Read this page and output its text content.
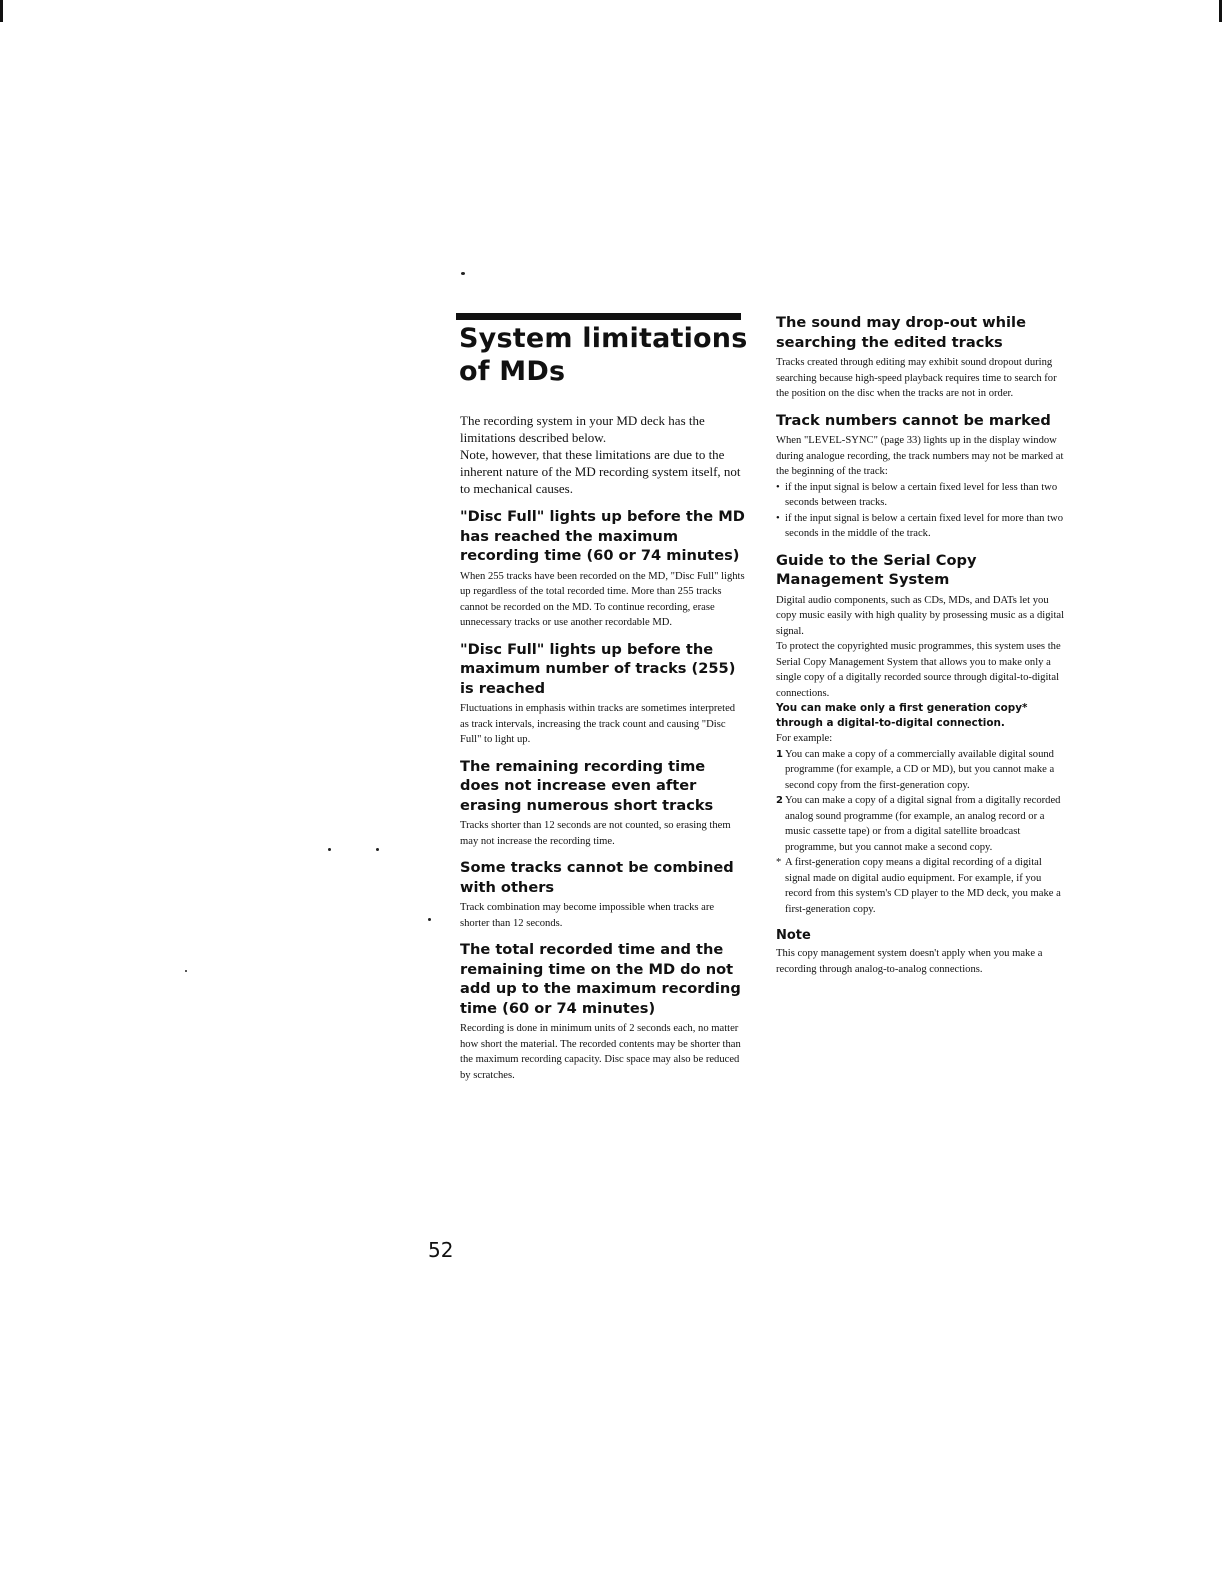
System limitations of MDs

The recording system in your MD deck has the limitations described below.

Note, however, that these limitations are due to the inherent nature of the MD recording system itself, not to mechanical causes.

"Disc Full" lights up before the MD has reached the maximum recording time (60 or 74 minutes)

When 255 tracks have been recorded on the MD, "Disc Full" lights up regardless of the total recorded time. More than 255 tracks cannot be recorded on the MD. To continue recording, erase unnecessary tracks or use another recordable MD.

"Disc Full" lights up before the maximum number of tracks (255) is reached

Fluctuations in emphasis within tracks are sometimes interpreted as track intervals, increasing the track count and causing "Disc Full" to light up.

The remaining recording time does not increase even after erasing numerous short tracks

Tracks shorter than 12 seconds are not counted, so erasing them may not increase the recording time.

Some tracks cannot be combined with others

Track combination may become impossible when tracks are shorter than 12 seconds.

The total recorded time and the remaining time on the MD do not add up to the maximum recording time (60 or 74 minutes)

Recording is done in minimum units of 2 seconds each, no matter how short the material. The recorded contents may be shorter than the maximum recording capacity. Disc space may also be reduced by scratches.

The sound may drop-out while searching the edited tracks

Tracks created through editing may exhibit sound dropout during searching because high-speed playback requires time to search for the position on the disc when the tracks are not in order.

Track numbers cannot be marked

When "LEVEL-SYNC" (page 33) lights up in the display window during analogue recording, the track numbers may not be marked at the beginning of the track:

• if the input signal is below a certain fixed level for less than two seconds between tracks.
• if the input signal is below a certain fixed level for more than two seconds in the middle of the track.
Guide to the Serial Copy Management System

Digital audio components, such as CDs, MDs, and DATs let you copy music easily with high quality by prosessing music as a digital signal.

To protect the copyrighted music programmes, this system uses the Serial Copy Management System that allows you to make only a single copy of a digitally recorded source through digital-to-digital connections.

You can make only a first generation copy* through a digital-to-digital connection.

For example:

1 You can make a copy of a commercially available digital sound programme (for example, a CD or MD), but you cannot make a second copy from the first-generation copy.
2 You can make a copy of a digital signal from a digitally recorded analog sound programme (for example, an analog record or a music cassette tape) or from a digital satellite broadcast programme, but you cannot make a second copy.
* A first-generation copy means a digital recording of a digital signal made on digital audio equipment. For example, if you record from this system's CD player to the MD deck, you make a first-generation copy.
Note

This copy management system doesn't apply when you make a recording through analog-to-analog connections.

52
